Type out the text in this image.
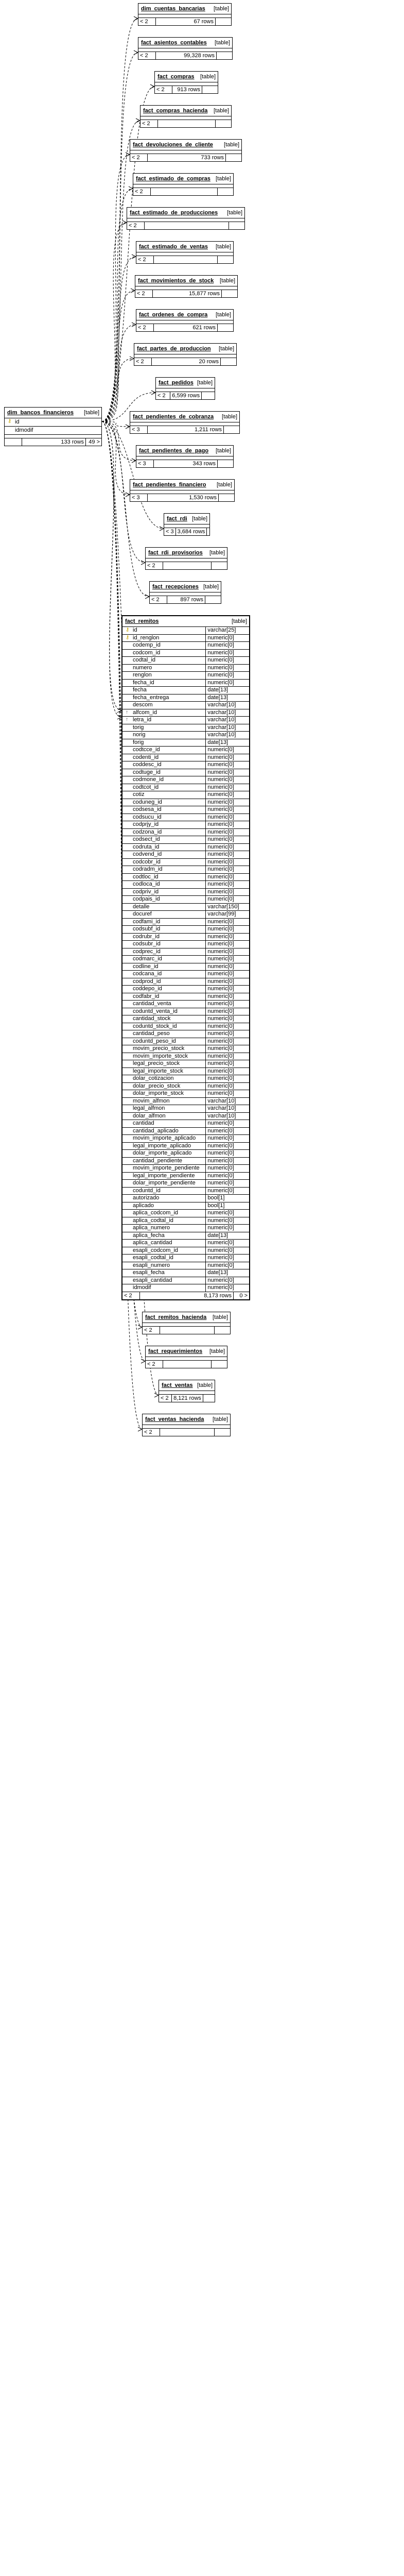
dim_cuentas_bancarias [table]
< 2	67 rows
fact_asientos_contables [table]
< 2	99,328 rows
fact_compras [table]
< 2	913 rows
fact_compras_hacienda [table]
< 2
fact_devoluciones_de_cliente [table]
< 2	733 rows
fact_estimado_de_compras [table]
< 2
fact_estimado_de_producciones [table]
< 2
fact_estimado_de_ventas [table]
< 2
fact_movimientos_de_stock [table]
< 2	15,877 rows
fact_ordenes_de_compra [table]
< 2	621 rows
fact_partes_de_produccion [table]
< 2	20 rows
fact_pedidos [table]
< 2	6,599 rows
fact_pendientes_de_cobranza [table]
< 3	1,211 rows
fact_pendientes_de_pago [table]
< 3	343 rows
fact_pendientes_financiero [table]
< 3	1,530 rows
fact_rdi [table]
< 3 3,684 rows
fact_rdi_provisorios [table]
< 2
fact_recepciones [table]
< 2	897 rows
fact_remitos	[table]
⚷ id	varchar[25]
⚷ id_renglon	numeric[0]
codemp_id	numeric[0]
codcom_id	numeric[0]
codtal_id	numeric[0]
numero	numeric[0]
renglon	numeric[0]
fecha_id	numeric[0]
fecha	date[13]
fecha_entrega	date[13]
descom	varchar[10]
↑ alfcom_id	varchar[10]
↑ letra_id	varchar[10]
torig	varchar[10]
norig	varchar[10]
forig	date[13]
codtcce_id	numeric[0]
codenti_id	numeric[0]
coddesc_id	numeric[0]
codtuge_id	numeric[0]
codmone_id	numeric[0]
codtcot_id	numeric[0]
cotiz	numeric[0]
coduneg_id	numeric[0]
codsesa_id	numeric[0]
codsucu_id	numeric[0]
codprjy_id	numeric[0]
codzona_id	numeric[0]
codsect_id	numeric[0]
codruta_id	numeric[0]
codvend_id	numeric[0]
codcobr_id	numeric[0]
codradm_id	numeric[0]
codtloc_id	numeric[0]
codloca_id	numeric[0]
codpriv_id	numeric[0]
codpais_id	numeric[0]
detalle	varchar[150]
docuref	varchar[99]
codfami_id	numeric[0]
codsubf_id	numeric[0]
codrubr_id	numeric[0]
codsubr_id	numeric[0]
codprec_id	numeric[0]
codmarc_id	numeric[0]
codline_id	numeric[0]
codcana_id	numeric[0]
codprod_id	numeric[0]
coddepo_id	numeric[0]
codfabr_id	numeric[0]
cantidad_venta	numeric[0]
coduntd_venta_id	numeric[0]
cantidad_stock	numeric[0]
coduntd_stock_id	numeric[0]
cantidad_peso	numeric[0]
coduntd_peso_id	numeric[0]
movim_precio_stock	numeric[0]
movim_importe_stock	numeric[0]
legal_precio_stock	numeric[0]
legal_importe_stock	numeric[0]
dolar_cotizacion	numeric[0]
dolar_precio_stock	numeric[0]
dolar_importe_stock	numeric[0]
movim_alfmon	varchar[10]
legal_alfmon	varchar[10]
dolar_alfmon	varchar[10]
cantidad	numeric[0]
cantidad_aplicado	numeric[0]
movim_importe_aplicado numeric[0]
legal_importe_aplicado	numeric[0]
dolar_importe_aplicado	numeric[0]
cantidad_pendiente	numeric[0]
movim_importe_pendiente numeric[0]
legal_importe_pendiente numeric[0]
dolar_importe_pendiente numeric[0]
coduntd_id	numeric[0]
autorizado	bool[1]
aplicado	bool[1]
aplica_codcom_id	numeric[0]
aplica_codtal_id	numeric[0]
aplica_numero	numeric[0]
aplica_fecha	date[13]
aplica_cantidad	numeric[0]
esapli_codcom_id	numeric[0]
esapli_codtal_id	numeric[0]
esapli_numero	numeric[0]
esapli_fecha	date[13]
esapli_cantidad	numeric[0]
idmodif	numeric[0]
< 2	8,173 rows	0 >
fact_remitos_hacienda [table]
< 2
fact_requerimientos [table]
< 2
fact_ventas [table]
< 2 8,121 rows
fact_ventas_hacienda [table]
< 2
dim_bancos_financieros [table]
⚷ id
idmodif
133 rows 49 >
